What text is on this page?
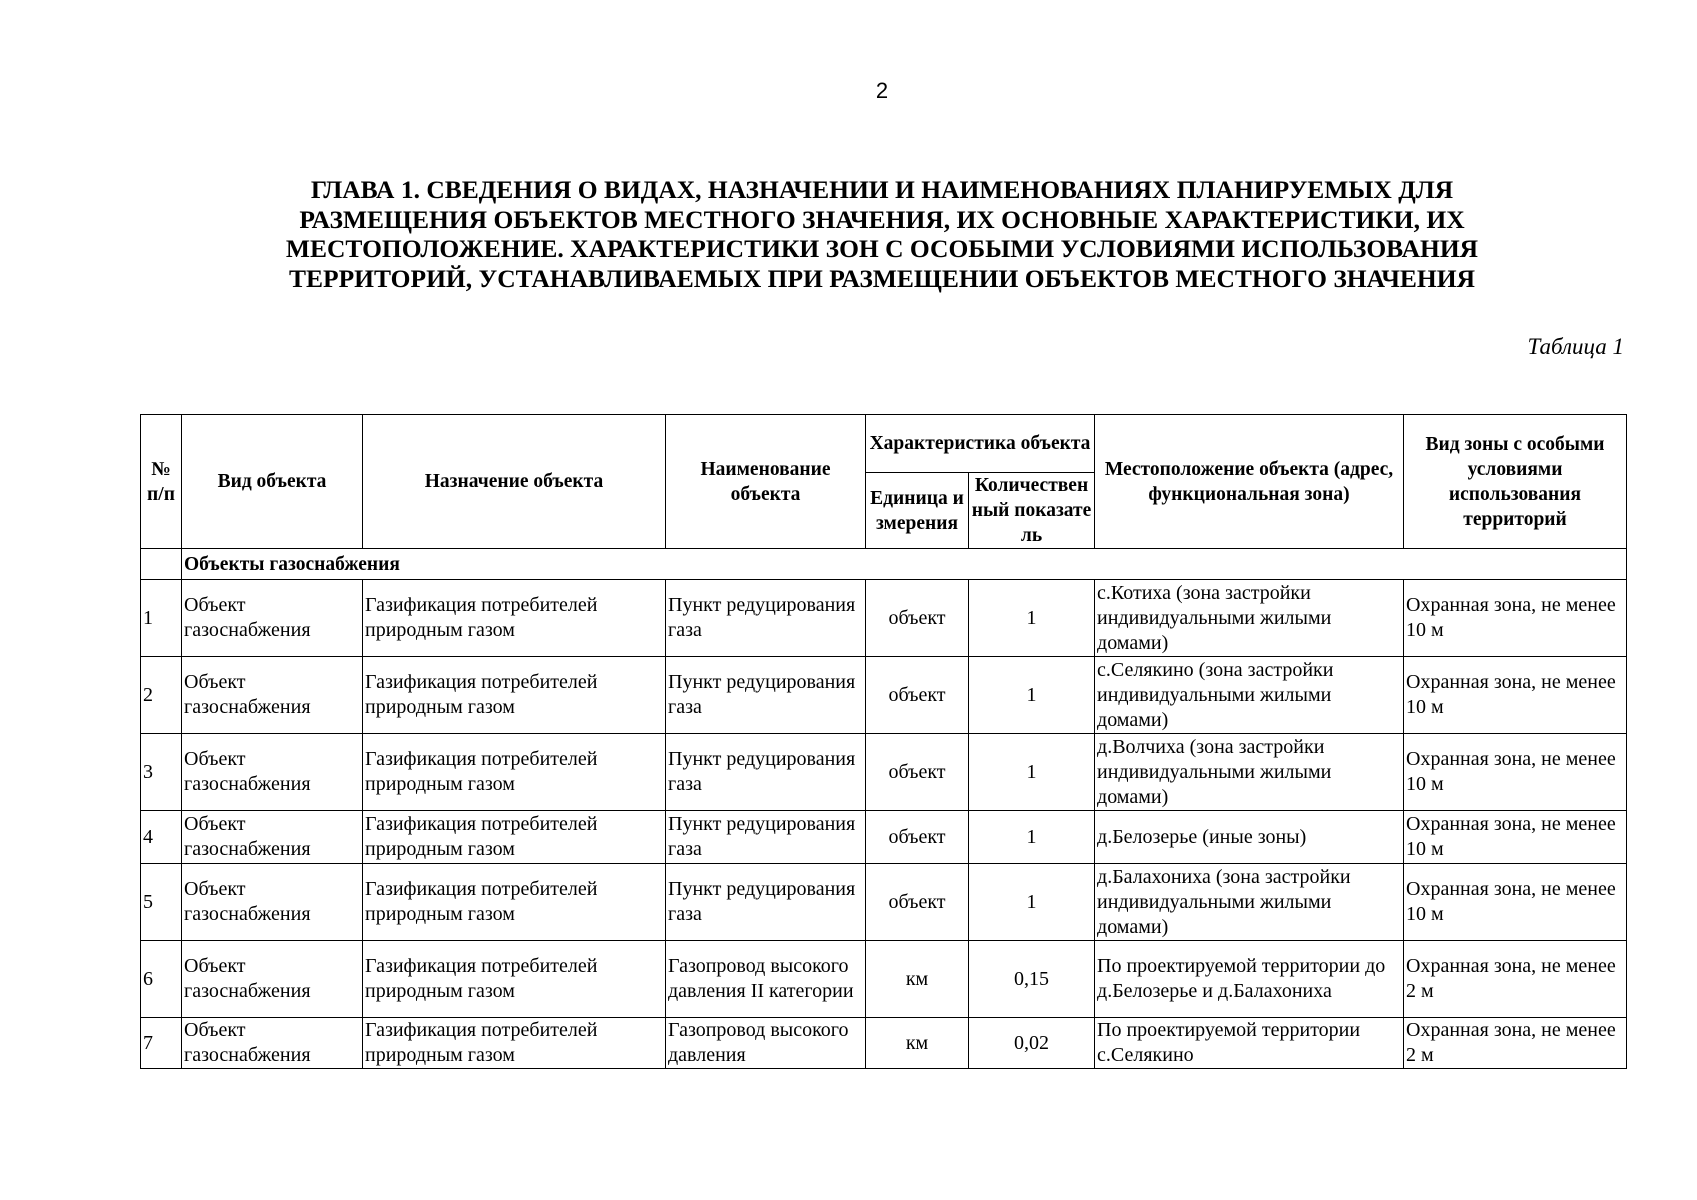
2
ГЛАВА 1. СВЕДЕНИЯ О ВИДАХ, НАЗНАЧЕНИИ И НАИМЕНОВАНИЯХ ПЛАНИРУЕМЫХ ДЛЯ
РАЗМЕЩЕНИЯ ОБЪЕКТОВ МЕСТНОГО ЗНАЧЕНИЯ, ИХ ОСНОВНЫЕ ХАРАКТЕРИСТИКИ, ИХ
МЕСТОПОЛОЖЕНИЕ. ХАРАКТЕРИСТИКИ ЗОН С ОСОБЫМИ УСЛОВИЯМИ ИСПОЛЬЗОВАНИЯ
ТЕРРИТОРИЙ, УСТАНАВЛИВАЕМЫХ ПРИ РАЗМЕЩЕНИИ ОБЪЕКТОВ МЕСТНОГО ЗНАЧЕНИЯ
Таблица 1
№ п/п	Вид объекта	Назначение объекта	Наименование объекта	Характеристика объекта		Местоположение объекта (адрес, функциональная зона)	Вид зоны с особыми условиями использования территорий
				Единица измерения	Количественный показатель		
	Объекты газоснабжения						
1	Объект газоснабжения	Газификация потребителей природным газом	Пункт редуцирования газа	объект	1	с.Котиха (зона застройки индивидуальными жилыми домами)	Охранная зона, не менее 10 м
2	Объект газоснабжения	Газификация потребителей природным газом	Пункт редуцирования газа	объект	1	с.Селякино (зона застройки индивидуальными жилыми домами)	Охранная зона, не менее 10 м
3	Объект газоснабжения	Газификация потребителей природным газом	Пункт редуцирования газа	объект	1	д.Волчиха (зона застройки индивидуальными жилыми домами)	Охранная зона, не менее 10 м
4	Объект газоснабжения	Газификация потребителей природным газом	Пункт редуцирования газа	объект	1	д.Белозерье (иные зоны)	Охранная зона, не менее 10 м
5	Объект газоснабжения	Газификация потребителей природным газом	Пункт редуцирования газа	объект	1	д.Балахониха (зона застройки индивидуальными жилыми домами)	Охранная зона, не менее 10 м
6	Объект газоснабжения	Газификация потребителей природным газом	Газопровод высокого давления II категории	км	0,15	По проектируемой территории до д.Белозерье и д.Балахониха	Охранная зона, не менее 2 м
7	Объект газоснабжения	Газификация потребителей природным газом	Газопровод высокого давления	км	0,02	По проектируемой территории с.Селякино	Охранная зона, не менее 2 м
